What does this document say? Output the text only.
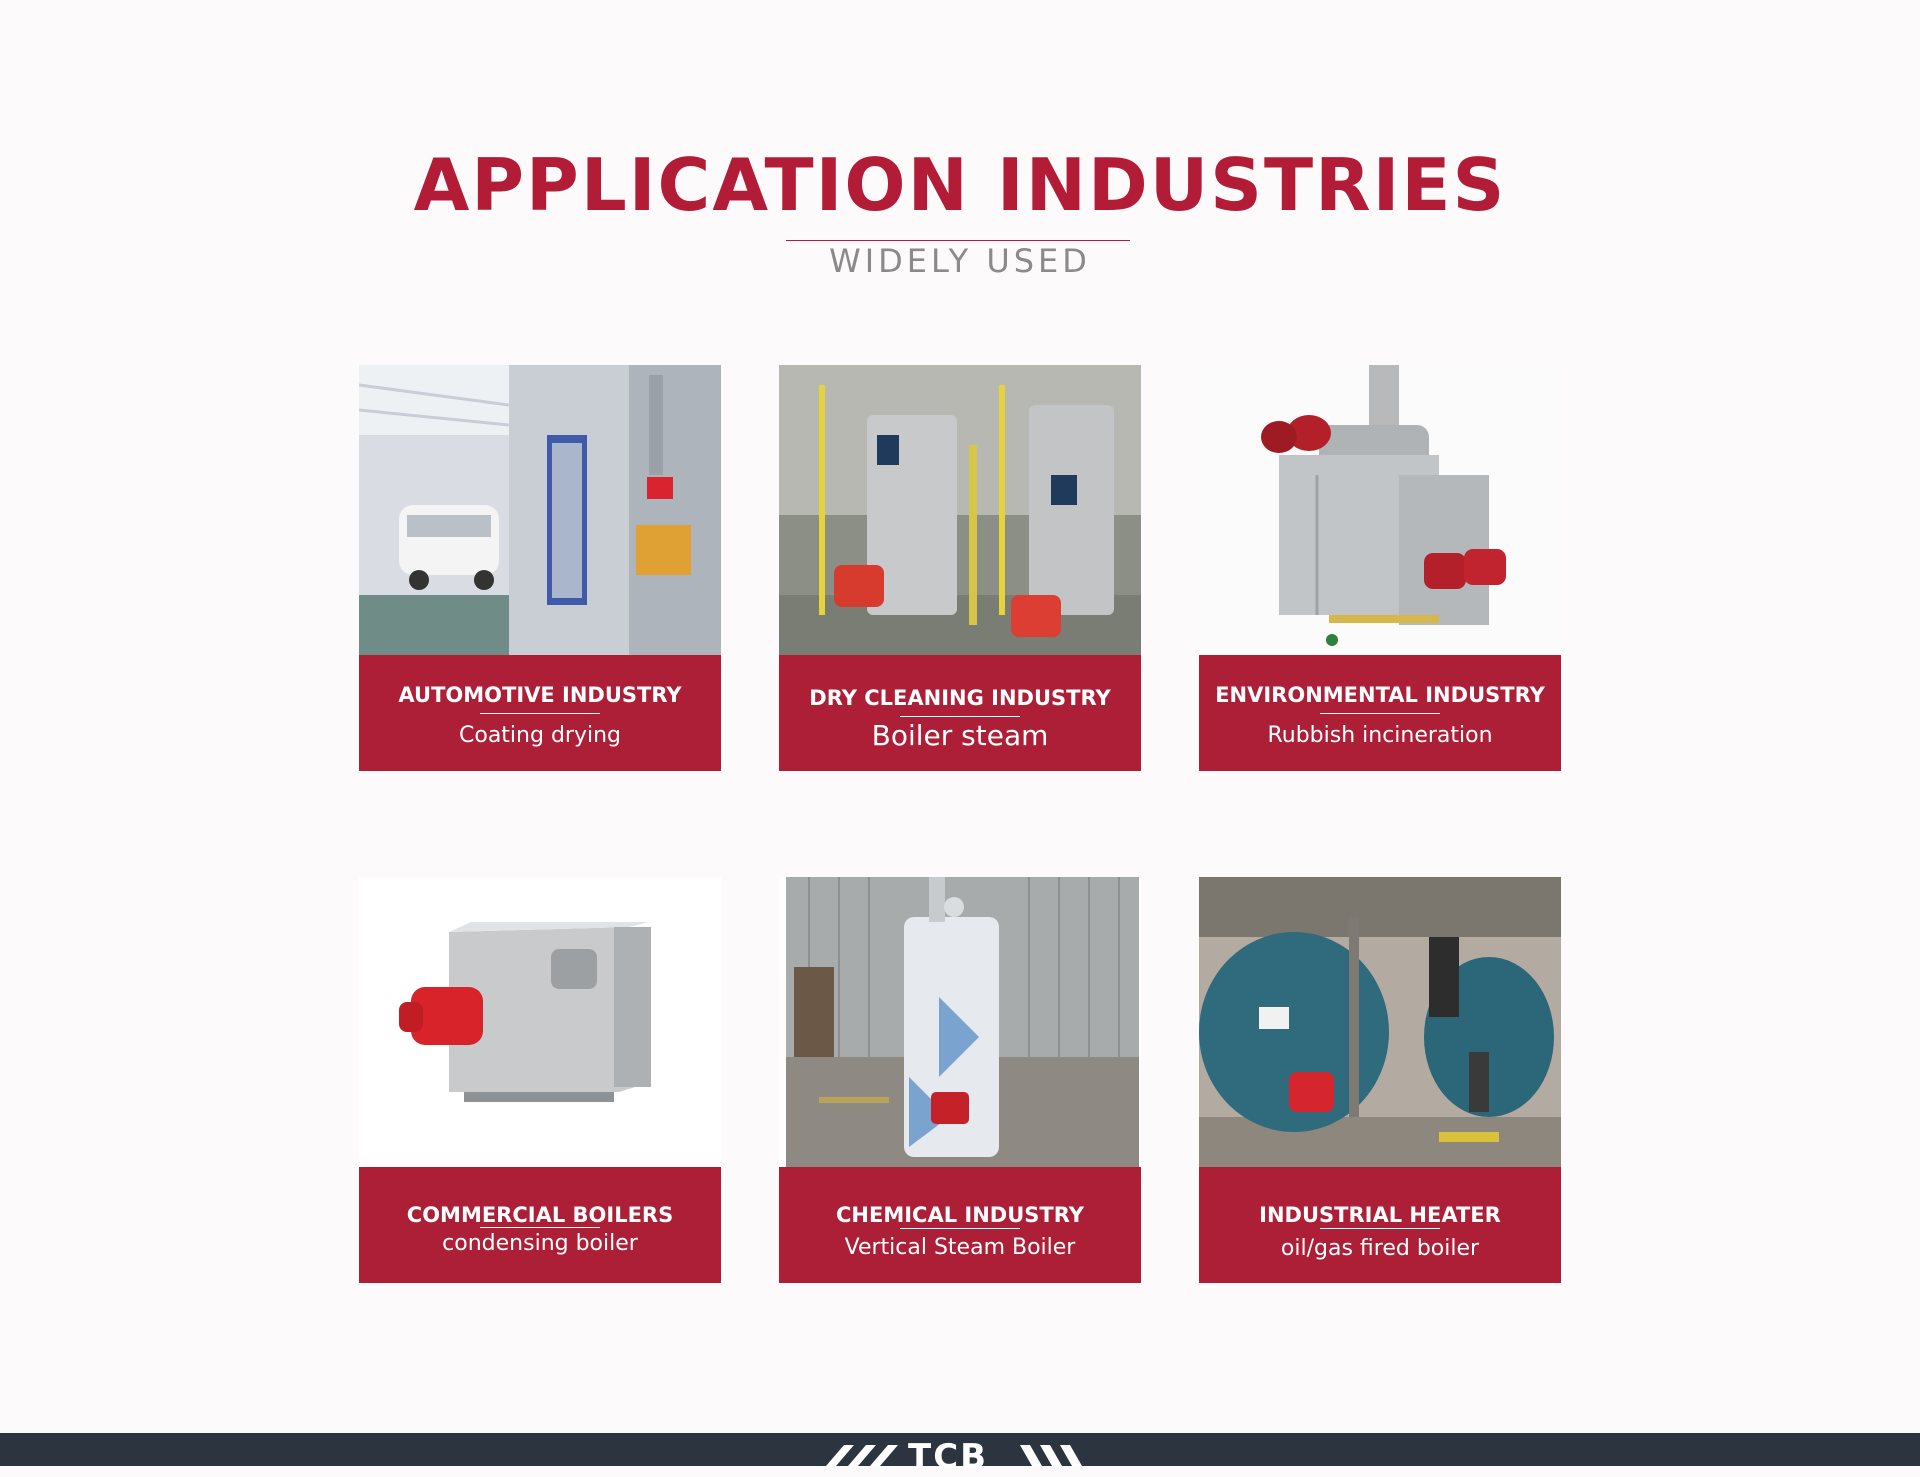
APPLICATION INDUSTRIES
WIDELY USED
AUTOMOTIVE INDUSTRY
Coating drying
DRY CLEANING INDUSTRY
Boiler steam
ENVIRONMENTAL INDUSTRY
Rubbish incineration
COMMERCIAL BOILERS
condensing boiler
CHEMICAL INDUSTRY
Vertical Steam Boiler
INDUSTRIAL HEATER
oil/gas fired boiler
TCB
